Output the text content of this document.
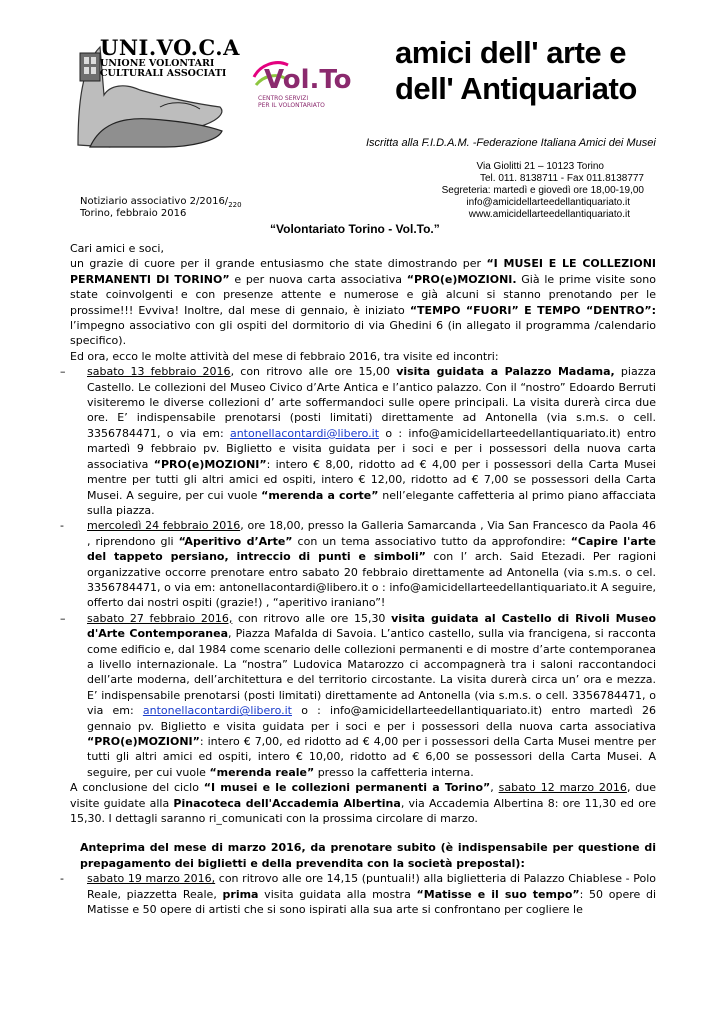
UNI.VO.C.A
UNIONE VOLONTARI
CULTURALI ASSOCIATI Vol.To
CENTRO SERVIZI
PER IL VOLONTARIATO
amici dell' arte e
dell' Antiquariato
Iscritta alla F.I.D.A.M. -Federazione Italiana Amici dei Musei
Via Giolitti 21 – 10123 Torino
Tel. 011. 8138711 - Fax 011.8138777
Segreteria: martedì e giovedì ore 18,00-19,00
info@amicidellarteedellantiquariato.it
www.amicidellarteedellantiquariato.it
Notiziario associativo $2/2016/_{220}$
Torino, febbraio 2016
“Volontariato Torino - Vol.To.”

Cari amici e soci,

un grazie di cuore per il grande entusiasmo che state dimostrando per “I MUSEI E LE COLLEZIONI PERMANENTI DI TORINO” e per nuova carta associativa “PRO(e)MOZIONI. Già le prime visite sono state coinvolgenti e con presenze attente e numerose e già alcuni si stanno prenotando per le prossime!!! Evviva! Inoltre, dal mese di gennaio, è iniziato “TEMPO “FUORI” E TEMPO “DENTRO”: l’impegno associativo con gli ospiti del dormitorio di via Ghedini 6 (in allegato il programma /calendario specifico).

Ed ora, ecco le molte attività del mese di febbraio 2016, tra visite ed incontri:

– sabato 13 febbraio 2016, con ritrovo alle ore 15,00 visita guidata a Palazzo Madama, piazza Castello. Le collezioni del Museo Civico d’Arte Antica e l’antico palazzo. Con il “nostro” Edoardo Berruti visiteremo le diverse collezioni d’ arte soffermandoci sulle opere principali. La visita durerà circa due ore. E’ indispensabile prenotarsi (posti limitati) direttamente ad Antonella (via s.m.s. o cell. 3356784471, o via em: antonellacontardi@libero.it o : info@amicidellarteedellantiquariato.it) entro martedì 9 febbraio pv. Biglietto e visita guidata per i soci e per i possessori della nuova carta associativa “PRO(e)MOZIONI”: intero € 8,00, ridotto ad € 4,00 per i possessori della Carta Musei mentre per tutti gli altri amici ed ospiti, intero € 12,00, ridotto ad € 7,00 se possessori della Carta Musei. A seguire, per cui vuole “merenda a corte” nell’elegante caffetteria al primo piano affacciata sulla piazza.

- mercoledì 24 febbraio 2016, ore 18,00, presso la Galleria Samarcanda , Via San Francesco da Paola 46 , riprendono gli “Aperitivo d’Arte” con un tema associativo tutto da approfondire: “Capire l'arte del tappeto persiano, intreccio di punti e simboli” con l’ arch. Said Etezadi. Per ragioni organizzative occorre prenotare entro sabato 20 febbraio direttamente ad Antonella (via s.m.s. o cel. 3356784471, o via em: antonellacontardi@libero.it o : info@amicidellarteedellantiquariato.it A seguire, offerto dai nostri ospiti (grazie!) , “aperitivo iraniano”!

– sabato 27 febbraio 2016, con ritrovo alle ore 15,30 visita guidata al Castello di Rivoli Museo d'Arte Contemporanea, Piazza Mafalda di Savoia. L’antico castello, sulla via francigena, si racconta come edificio e, dal 1984 come scenario delle collezioni permanenti e di mostre d’arte contemporanea a livello internazionale. La “nostra” Ludovica Matarozzo ci accompagnerà tra i saloni raccontandoci dell’arte moderna, dell’architettura e del territorio circostante. La visita durerà circa un’ ora e mezza. E’ indispensabile prenotarsi (posti limitati) direttamente ad Antonella (via s.m.s. o cell. 3356784471, o via em: antonellacontardi@libero.it o : info@amicidellarteedellantiquariato.it) entro martedì 26 gennaio pv. Biglietto e visita guidata per i soci e per i possessori della nuova carta associativa “PRO(e)MOZIONI”: intero € 7,00, ed ridotto ad € 4,00 per i possessori della Carta Musei mentre per tutti gli altri amici ed ospiti, intero € 10,00, ridotto ad € 6,00 se possessori della Carta Musei. A seguire, per cui vuole “merenda reale” presso la caffetteria interna.

A conclusione del ciclo “I musei e le collezioni permanenti a Torino”, sabato 12 marzo 2016, due visite guidate alla Pinacoteca dell'Accademia Albertina, via Accademia Albertina 8: ore 11,30 ed ore 15,30. I dettagli saranno ri_comunicati con la prossima circolare di marzo.

Anteprima del mese di marzo 2016, da prenotare subito (è indispensabile per questione di prepagamento dei biglietti e della prevendita con la società prepostal):

- sabato 19 marzo 2016, con ritrovo alle ore 14,15 (puntuali!) alla biglietteria di Palazzo Chiablese - Polo Reale, piazzetta Reale, prima visita guidata alla mostra “Matisse e il suo tempo”: 50 opere di Matisse e 50 opere di artisti che si sono ispirati alla sua arte si confrontano per cogliere le
